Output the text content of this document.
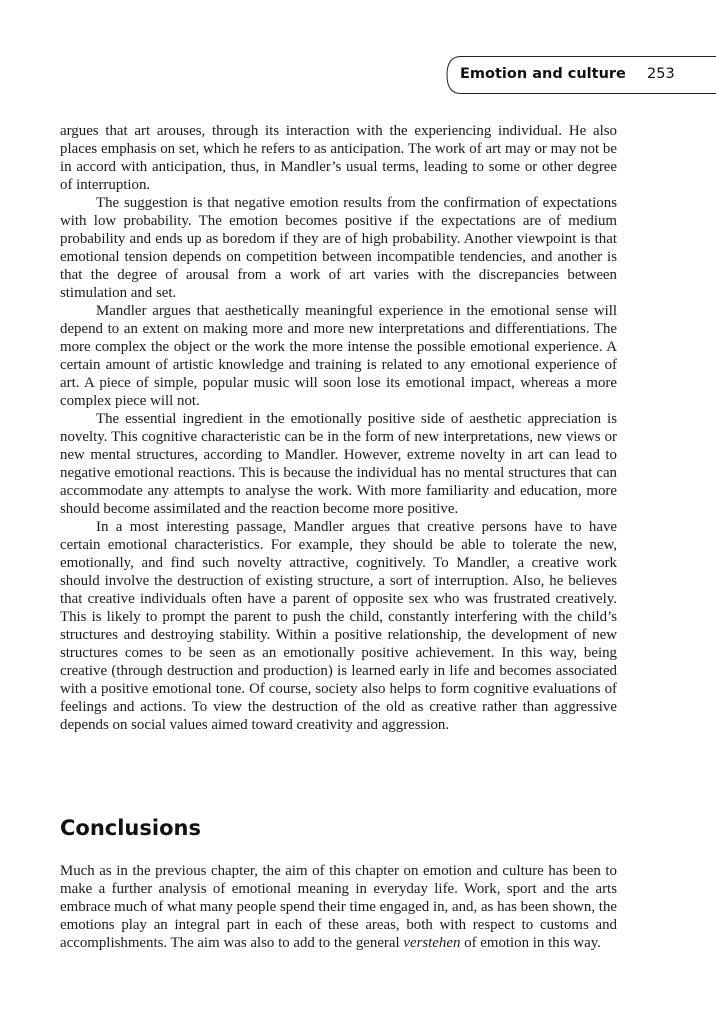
Emotion and culture 253

argues that art arouses, through its interaction with the experiencing individual. He also places emphasis on set, which he refers to as anticipation. The work of art may or may not be in accord with anticipation, thus, in Mandler’s usual terms, leading to some or other degree of interruption.

The suggestion is that negative emotion results from the confirmation of expectations with low probability. The emotion becomes positive if the expectations are of medium probability and ends up as boredom if they are of high probability. Another viewpoint is that emotional tension depends on competition between incompatible tendencies, and another is that the degree of arousal from a work of art varies with the discrepancies between stimulation and set.

Mandler argues that aesthetically meaningful experience in the emotional sense will depend to an extent on making more and more new interpretations and differentiations. The more complex the object or the work the more intense the possible emotional experience. A certain amount of artistic knowledge and training is related to any emotional experience of art. A piece of simple, popular music will soon lose its emotional impact, whereas a more complex piece will not.

The essential ingredient in the emotionally positive side of aesthetic appreciation is novelty. This cognitive characteristic can be in the form of new interpretations, new views or new mental structures, according to Mandler. However, extreme novelty in art can lead to negative emotional reactions. This is because the individual has no mental structures that can accommodate any attempts to analyse the work. With more familiarity and education, more should become assimilated and the reaction become more positive.

In a most interesting passage, Mandler argues that creative persons have to have certain emotional characteristics. For example, they should be able to tolerate the new, emotionally, and find such novelty attractive, cognitively. To Mandler, a creative work should involve the destruction of existing structure, a sort of interruption. Also, he believes that creative individuals often have a parent of opposite sex who was frustrated creatively. This is likely to prompt the parent to push the child, constantly interfering with the child’s structures and destroying stability. Within a positive relationship, the development of new structures comes to be seen as an emotionally positive achievement. In this way, being creative (through destruction and production) is learned early in life and becomes associated with a positive emotional tone. Of course, society also helps to form cognitive evaluations of feelings and actions. To view the destruction of the old as creative rather than aggressive depends on social values aimed toward creativity and aggression.

Conclusions

Much as in the previous chapter, the aim of this chapter on emotion and culture has been to make a further analysis of emotional meaning in everyday life. Work, sport and the arts embrace much of what many people spend their time engaged in, and, as has been shown, the emotions play an integral part in each of these areas, both with respect to customs and accomplishments. The aim was also to add to the general verstehen of emotion in this way.
